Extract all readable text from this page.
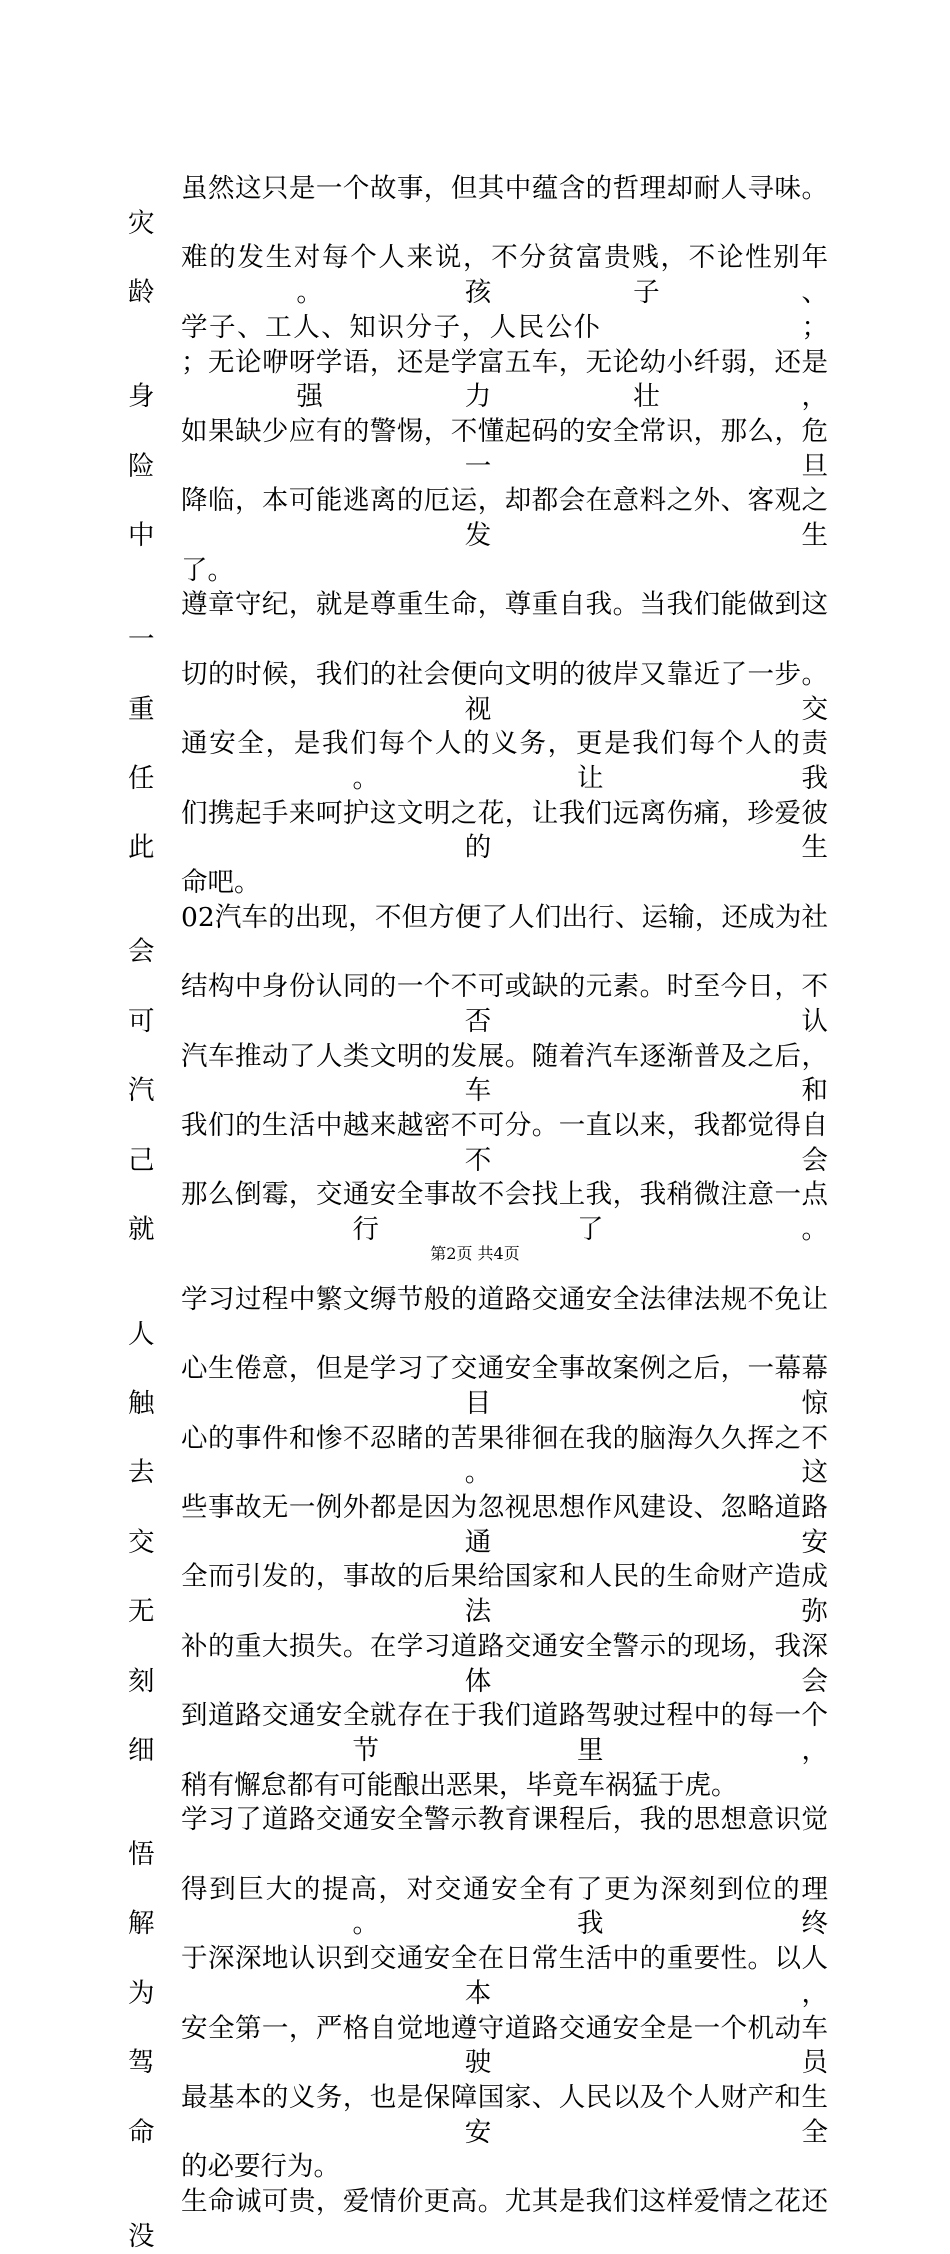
虽然这只是一个故事，但其中蕴含的哲理却耐人寻味。灾
难的发生对每个人来说，不分贫富贵贱，不论性别年龄。孩子、
学子、工人、知识分子，人民公仆                    ；
；无论咿呀学语，还是学富五车，无论幼小纤弱，还是身强力壮，
如果缺少应有的警惕，不懂起码的安全常识，那么，危险一旦
降临，本可能逃离的厄运，却都会在意料之外、客观之中发生
了。

遵章守纪，就是尊重生命，尊重自我。当我们能做到这一
切的时候，我们的社会便向文明的彼岸又靠近了一步。重视交
通安全，是我们每个人的义务，更是我们每个人的责任。让我
们携起手来呵护这文明之花，让我们远离伤痛，珍爱彼此的生
命吧。

02汽车的出现，不但方便了人们出行、运输，还成为社会
结构中身份认同的一个不可或缺的元素。时至今日，不可否认
汽车推动了人类文明的发展。随着汽车逐渐普及之后，汽车和
我们的生活中越来越密不可分。一直以来，我都觉得自己不会
那么倒霉，交通安全事故不会找上我，我稍微注意一点就行了。

学习过程中繁文缛节般的道路交通安全法律法规不免让人
心生倦意，但是学习了交通安全事故案例之后，一幕幕触目惊
心的事件和惨不忍睹的苦果徘徊在我的脑海久久挥之不去。这
些事故无一例外都是因为忽视思想作风建设、忽略道路交通安
全而引发的，事故的后果给国家和人民的生命财产造成无法弥
补的重大损失。在学习道路交通安全警示的现场，我深刻体会
到道路交通安全就存在于我们道路驾驶过程中的每一个细节里，
稍有懈怠都有可能酿出恶果，毕竟车祸猛于虎。

学习了道路交通安全警示教育课程后，我的思想意识觉悟
得到巨大的提高，对交通安全有了更为深刻到位的理解。我终
于深深地认识到交通安全在日常生活中的重要性。以人为本，
安全第一，严格自觉地遵守道路交通安全是一个机动车驾驶员
最基本的义务，也是保障国家、人民以及个人财产和生命安全
的必要行为。

生命诚可贵，爱情价更高。尤其是我们这样爱情之花还没

第2页 共4页
